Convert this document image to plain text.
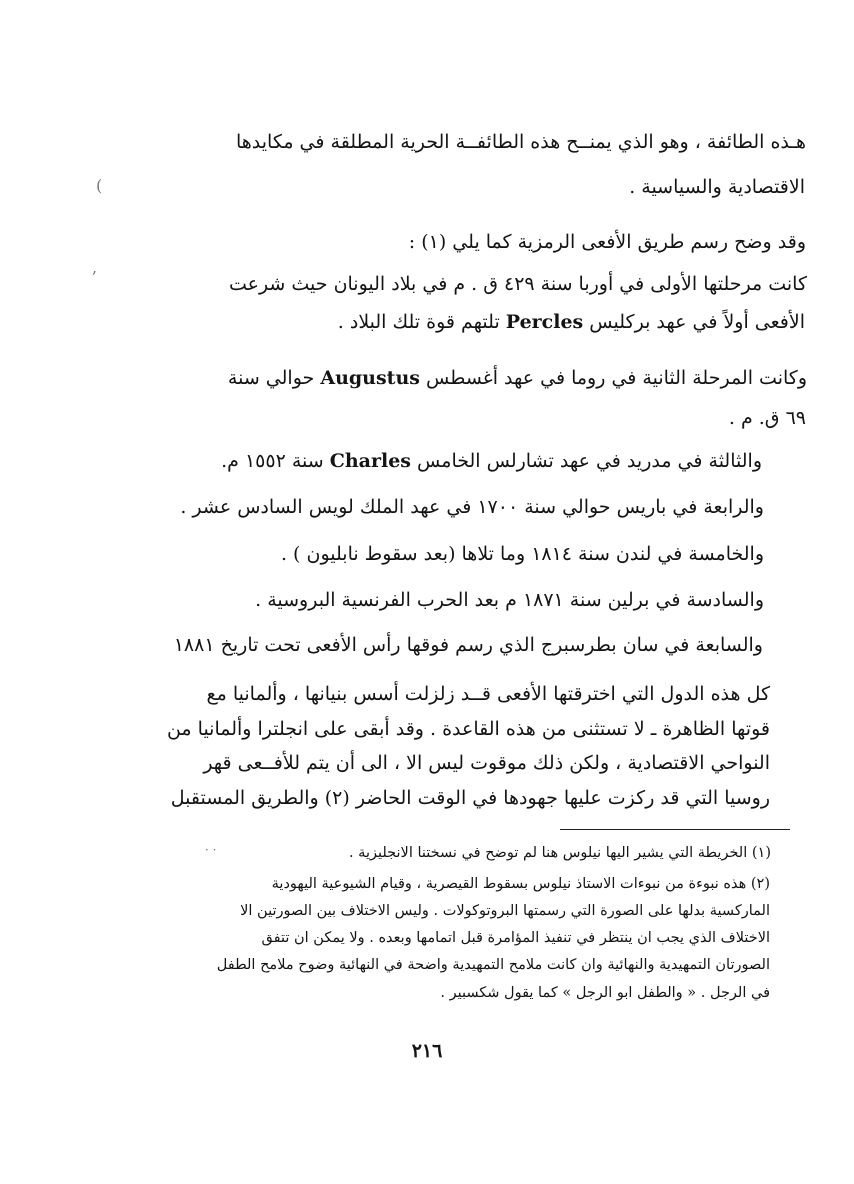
(
,
هـذه الطائفة ، وهو الذي يمنــح هذه الطائفــة الحرية المطلقة في مكايدها
الاقتصادية والسياسية .
وقد وضح رسم طريق الأفعى الرمزية كما يلي (١) :
كانت مرحلتها الأولى في أوربا سنة ٤٢٩ ق . م في بلاد اليونان حيث شرعت
الأفعى أولاً في عهد بركليس Percles تلتهم قوة تلك البلاد .
وكانت المرحلة الثانية في روما في عهد أغسطس Augustus حوالي سنة
٦٩ ق. م .
والثالثة في مدريد في عهد تشارلس الخامس Charles سنة ١٥٥٢ م.
والرابعة في باريس حوالي سنة ١٧٠٠ في عهد الملك لويس السادس عشر .
والخامسة في لندن سنة ١٨١٤ وما تلاها (بعد سقوط نابليون ) .
والسادسة في برلين سنة ١٨٧١ م بعد الحرب الفرنسية البروسية .
والسابعة في سان بطرسبرج الذي رسم فوقها رأس الأفعى تحت تاريخ ١٨٨١
كل هذه الدول التي اخترقتها الأفعى قــد زلزلت أسس بنيانها ، وألمانيا مع
قوتها الظاهرة ـ لا تستثنى من هذه القاعدة . وقد أبقى على انجلترا وألمانيا من
النواحي الاقتصادية ، ولكن ذلك موقوت ليس الا ، الى أن يتم للأفــعى قهر
روسيا التي قد ركزت عليها جهودها في الوقت الحاضر (٢) والطريق المستقبل
· ·	(١) الخريطة التي يشير اليها نيلوس هنا لم توضح في نسختنا الانجليزية .
(٢) هذه نبوءة من نبوءات الاستاذ نيلوس بسقوط القيصرية ، وقيام الشيوعية اليهودية
الماركسية بدلها على الصورة التي رسمتها البروتوكولات . وليس الاختلاف بين الصورتين الا
الاختلاف الذي يجب ان ينتظر في تنفيذ المؤامرة قبل اتمامها وبعده . ولا يمكن ان تتفق
الصورتان التمهيدية والنهائية وان كانت ملامح التمهيدية واضحة في النهائية وضوح ملامح الطفل
في الرجل . « والطفل ابو الرجل » كما يقول شكسبير .
٢١٦
